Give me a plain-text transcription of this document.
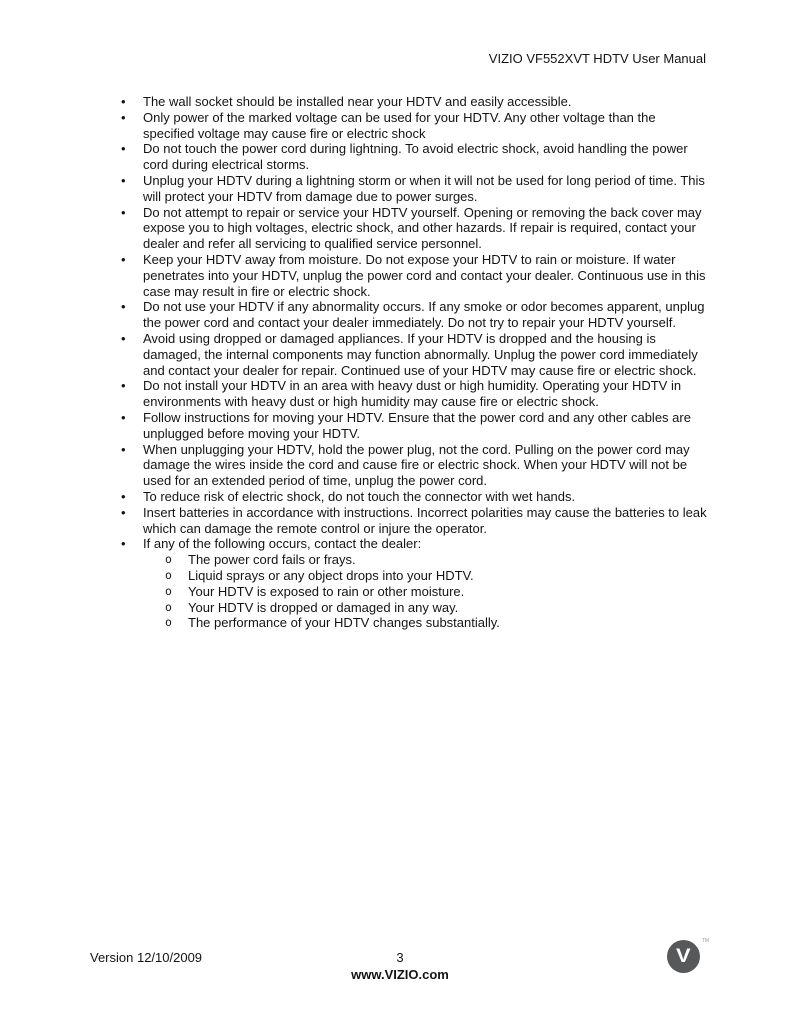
VIZIO VF552XVT HDTV User Manual
•	The wall socket should be installed near your HDTV and easily accessible.
•	Only power of the marked voltage can be used for your HDTV. Any other voltage than the specified voltage may cause fire or electric shock
•	Do not touch the power cord during lightning. To avoid electric shock, avoid handling the power cord during electrical storms.
•	Unplug your HDTV during a lightning storm or when it will not be used for long period of time. This will protect your HDTV from damage due to power surges.
•	Do not attempt to repair or service your HDTV yourself. Opening or removing the back cover may expose you to high voltages, electric shock, and other hazards. If repair is required, contact your dealer and refer all servicing to qualified service personnel.
•	Keep your HDTV away from moisture. Do not expose your HDTV to rain or moisture. If water penetrates into your HDTV, unplug the power cord and contact your dealer. Continuous use in this case may result in fire or electric shock.
•	Do not use your HDTV if any abnormality occurs. If any smoke or odor becomes apparent, unplug the power cord and contact your dealer immediately. Do not try to repair your HDTV yourself.
•	Avoid using dropped or damaged appliances. If your HDTV is dropped and the housing is damaged, the internal components may function abnormally. Unplug the power cord immediately and contact your dealer for repair. Continued use of your HDTV may cause fire or electric shock.
•	Do not install your HDTV in an area with heavy dust or high humidity. Operating your HDTV in environments with heavy dust or high humidity may cause fire or electric shock.
•	Follow instructions for moving your HDTV. Ensure that the power cord and any other cables are unplugged before moving your HDTV.
•	When unplugging your HDTV, hold the power plug, not the cord. Pulling on the power cord may damage the wires inside the cord and cause fire or electric shock. When your HDTV will not be used for an extended period of time, unplug the power cord.
•	To reduce risk of electric shock, do not touch the connector with wet hands.
•	Insert batteries in accordance with instructions. Incorrect polarities may cause the batteries to leak which can damage the remote control or injure the operator.
•	If any of the following occurs, contact the dealer:
o	The power cord fails or frays.
o	Liquid sprays or any object drops into your HDTV.
o	Your HDTV is exposed to rain or other moisture.
o	Your HDTV is dropped or damaged in any way.
o	The performance of your HDTV changes substantially.
Version 12/10/2009	3
www.VIZIO.com
V
TM
